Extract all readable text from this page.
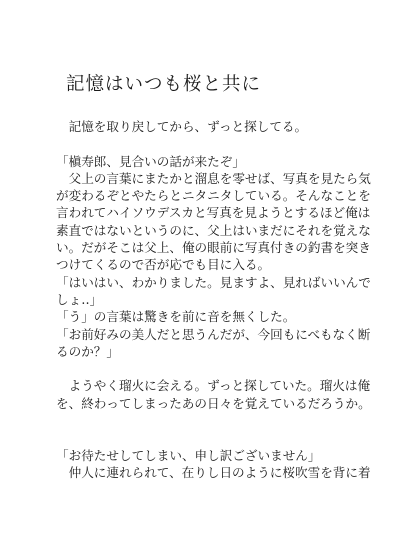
記憶はいつも桜と共に
　記憶を取り戻してから、ずっと探してる。
「槇寿郎、見合いの話が来たぞ」
　父上の言葉にまたかと溜息を零せば、写真を見たら気
が変わるぞとやたらとニタニタしている。そんなことを
言われてハイソウデスカと写真を見ようとするほど俺は
素直ではないというのに、父上はいまだにそれを覚えな
い。だがそこは父上、俺の眼前に写真付きの釣書を突き
つけてくるので否が応でも目に入る。
「はいはい、わかりました。見ますよ、見ればいいんで
しょ‥」
「う」の言葉は驚きを前に音を無くした。
「お前好みの美人だと思うんだが、今回もにべもなく断
るのか？」
　ようやく瑠火に会える。ずっと探していた。瑠火は俺
を、終わってしまったあの日々を覚えているだろうか。
「お待たせしてしまい、申し訳ございません」
　仲人に連れられて、在りし日のように桜吹雪を背に着
